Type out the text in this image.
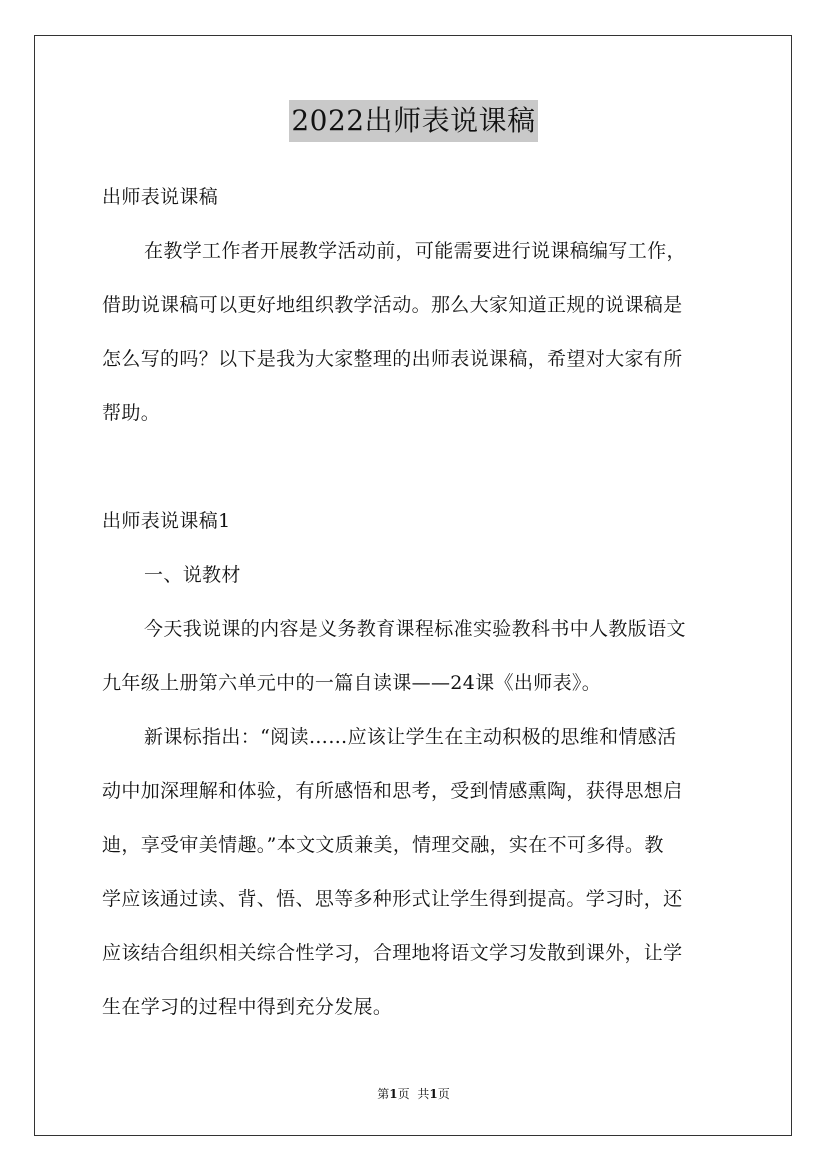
2022出师表说课稿
出师表说课稿
在教学工作者开展教学活动前，可能需要进行说课稿编写工作，
借助说课稿可以更好地组织教学活动。那么大家知道正规的说课稿是
怎么写的吗？以下是我为大家整理的出师表说课稿，希望对大家有所
帮助。
出师表说课稿1
一、说教材
今天我说课的内容是义务教育课程标准实验教科书中人教版语文
九年级上册第六单元中的一篇自读课——24课《出师表》。
新课标指出：“阅读……应该让学生在主动积极的思维和情感活
动中加深理解和体验，有所感悟和思考，受到情感熏陶，获得思想启
迪，享受审美情趣。”本文文质兼美，情理交融，实在不可多得。教
学应该通过读、背、悟、思等多种形式让学生得到提高。学习时，还
应该结合组织相关综合性学习，合理地将语文学习发散到课外，让学
生在学习的过程中得到充分发展。
第1页 共1页
